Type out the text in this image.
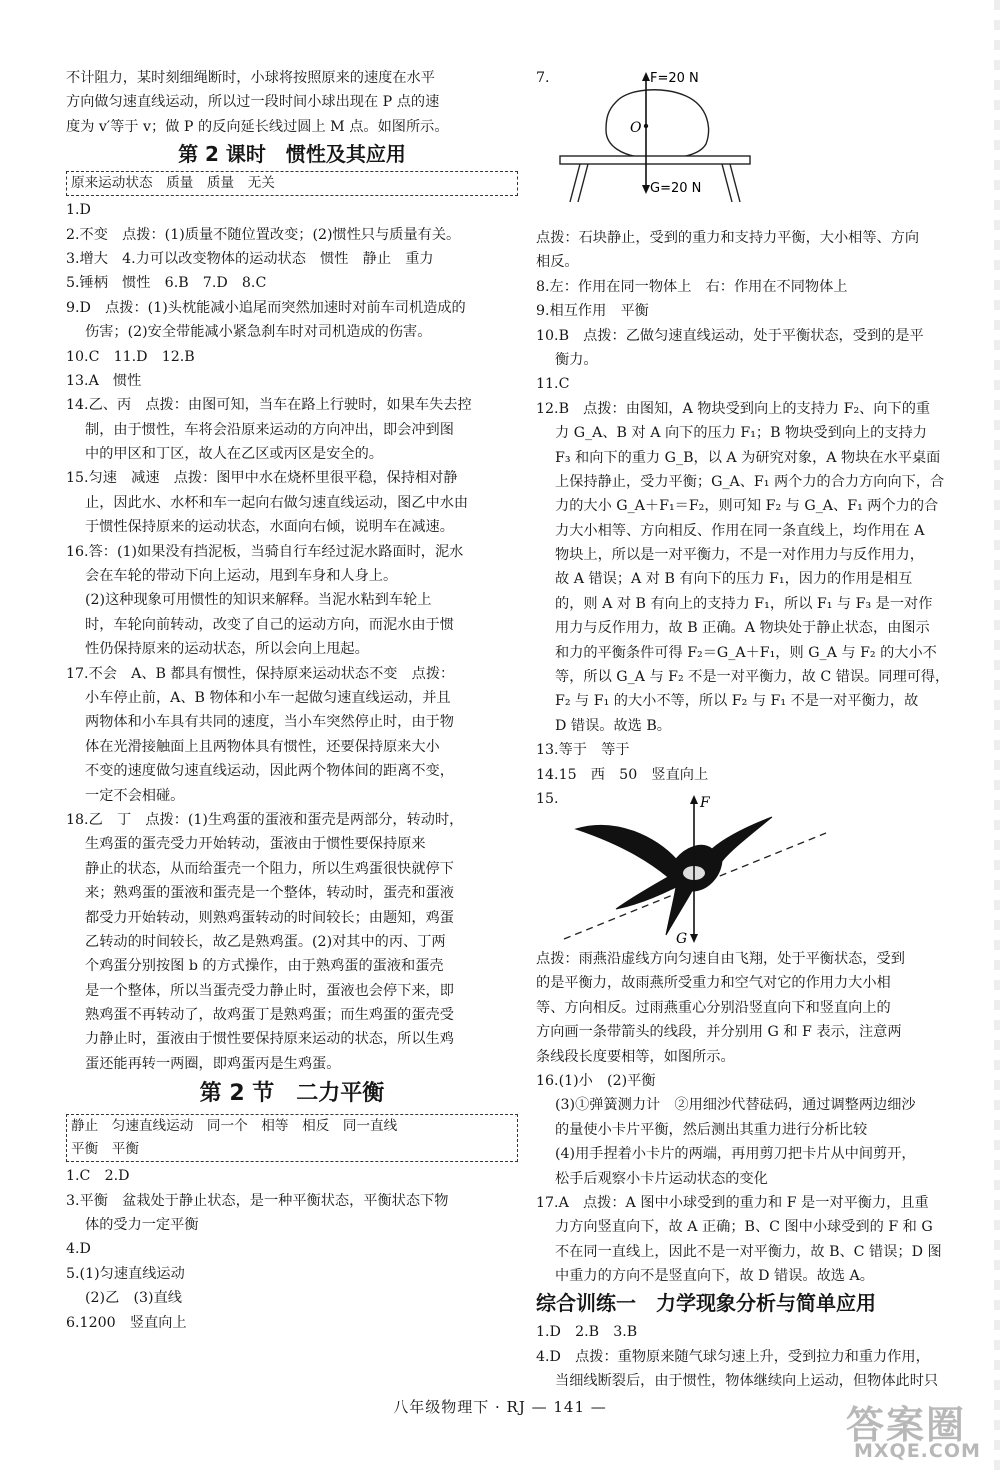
不计阻力，某时刻细绳断时，小球将按照原来的速度在水平
方向做匀速直线运动，所以过一段时间小球出现在 P 点的速
度为 v′等于 v；做 P 的反向延长线过圆上 M 点。如图所示。
第 2 课时　惯性及其应用
原来运动状态　质量　质量　无关
1.D
2.不变　点拨：(1)质量不随位置改变；(2)惯性只与质量有关。
3.增大　4.力可以改变物体的运动状态　惯性　静止　重力
5.锤柄　惯性　6.B　7.D　8.C
9.D　点拨：(1)头枕能减小追尾而突然加速时对前车司机造成的
伤害；(2)安全带能减小紧急刹车时对司机造成的伤害。
10.C　11.D　12.B
13.A　惯性
14.乙、丙　点拨：由图可知，当车在路上行驶时，如果车失去控
制，由于惯性，车将会沿原来运动的方向冲出，即会冲到图
中的甲区和丁区，故人在乙区或丙区是安全的。
15.匀速　减速　点拨：图甲中水在烧杯里很平稳，保持相对静
止，因此水、水杯和车一起向右做匀速直线运动，图乙中水由
于惯性保持原来的运动状态，水面向右倾，说明车在减速。
16.答：(1)如果没有挡泥板，当骑自行车经过泥水路面时，泥水
会在车轮的带动下向上运动，甩到车身和人身上。
(2)这种现象可用惯性的知识来解释。当泥水粘到车轮上
时，车轮向前转动，改变了自己的运动方向，而泥水由于惯
性仍保持原来的运动状态，所以会向上甩起。
17.不会　A、B 都具有惯性，保持原来运动状态不变　点拨：
小车停止前，A、B 物体和小车一起做匀速直线运动，并且
两物体和小车具有共同的速度，当小车突然停止时，由于物
体在光滑接触面上且两物体具有惯性，还要保持原来大小
不变的速度做匀速直线运动，因此两个物体间的距离不变，
一定不会相碰。
18.乙　丁　点拨：(1)生鸡蛋的蛋液和蛋壳是两部分，转动时，
生鸡蛋的蛋壳受力开始转动，蛋液由于惯性要保持原来
静止的状态，从而给蛋壳一个阻力，所以生鸡蛋很快就停下
来；熟鸡蛋的蛋液和蛋壳是一个整体，转动时，蛋壳和蛋液
都受力开始转动，则熟鸡蛋转动的时间较长；由题知，鸡蛋
乙转动的时间较长，故乙是熟鸡蛋。(2)对其中的丙、丁两
个鸡蛋分别按图 b 的方式操作，由于熟鸡蛋的蛋液和蛋壳
是一个整体，所以当蛋壳受力静止时，蛋液也会停下来，即
熟鸡蛋不再转动了，故鸡蛋丁是熟鸡蛋；而生鸡蛋的蛋壳受
力静止时，蛋液由于惯性要保持原来运动的状态，所以生鸡
蛋还能再转一两圈，即鸡蛋丙是生鸡蛋。
第 2 节　二力平衡
静止　匀速直线运动　同一个　相等　相反　同一直线
平衡　平衡
1.C　2.D
3.平衡　盆栽处于静止状态，是一种平衡状态，平衡状态下物
体的受力一定平衡
4.D
5.(1)匀速直线运动
(2)乙　(3)直线
6.1200　竖直向上
7.
O
F=20 N
G=20 N
点拨：石块静止，受到的重力和支持力平衡，大小相等、方向
相反。
8.左：作用在同一物体上　右：作用在不同物体上
9.相互作用　平衡
10.B　点拨：乙做匀速直线运动，处于平衡状态，受到的是平
衡力。
11.C
12.B　点拨：由图知，A 物块受到向上的支持力 F₂、向下的重
力 G_A、B 对 A 向下的压力 F₁；B 物块受到向上的支持力
F₃ 和向下的重力 G_B，以 A 为研究对象，A 物块在水平桌面
上保持静止，受力平衡；G_A、F₁ 两个力的合力方向向下，合
力的大小 G_A＋F₁＝F₂，则可知 F₂ 与 G_A、F₁ 两个力的合
力大小相等、方向相反、作用在同一条直线上，均作用在 A
物块上，所以是一对平衡力，不是一对作用力与反作用力，
故 A 错误；A 对 B 有向下的压力 F₁，因力的作用是相互
的，则 A 对 B 有向上的支持力 F₁，所以 F₁ 与 F₃ 是一对作
用力与反作用力，故 B 正确。A 物块处于静止状态，由图示
和力的平衡条件可得 F₂＝G_A＋F₁，则 G_A 与 F₂ 的大小不
等，所以 G_A 与 F₂ 不是一对平衡力，故 C 错误。同理可得，
F₂ 与 F₁ 的大小不等，所以 F₂ 与 F₁ 不是一对平衡力，故
D 错误。故选 B。
13.等于　等于
14.15　西　50　竖直向上
15.	F
G
点拨：雨燕沿虚线方向匀速自由飞翔，处于平衡状态，受到
的是平衡力，故雨燕所受重力和空气对它的作用力大小相
等、方向相反。过雨燕重心分别沿竖直向下和竖直向上的
方向画一条带箭头的线段，并分别用 G 和 F 表示，注意两
条线段长度要相等，如图所示。
16.(1)小　(2)平衡
(3)①弹簧测力计　②用细沙代替砝码，通过调整两边细沙
的量使小卡片平衡，然后测出其重力进行分析比较
(4)用手捏着小卡片的两端，再用剪刀把卡片从中间剪开，
松手后观察小卡片运动状态的变化
17.A　点拨：A 图中小球受到的重力和 F 是一对平衡力，且重
力方向竖直向下，故 A 正确；B、C 图中小球受到的 F 和 G
不在同一直线上，因此不是一对平衡力，故 B、C 错误；D 图
中重力的方向不是竖直向下，故 D 错误。故选 A。
综合训练一　力学现象分析与简单应用
1.D　2.B　3.B
4.D　点拨：重物原来随气球匀速上升，受到拉力和重力作用，
当细线断裂后，由于惯性，物体继续向上运动，但物体此时只
八年级物理下 · RJ — 141 —	答案圈
MXQE.COM
